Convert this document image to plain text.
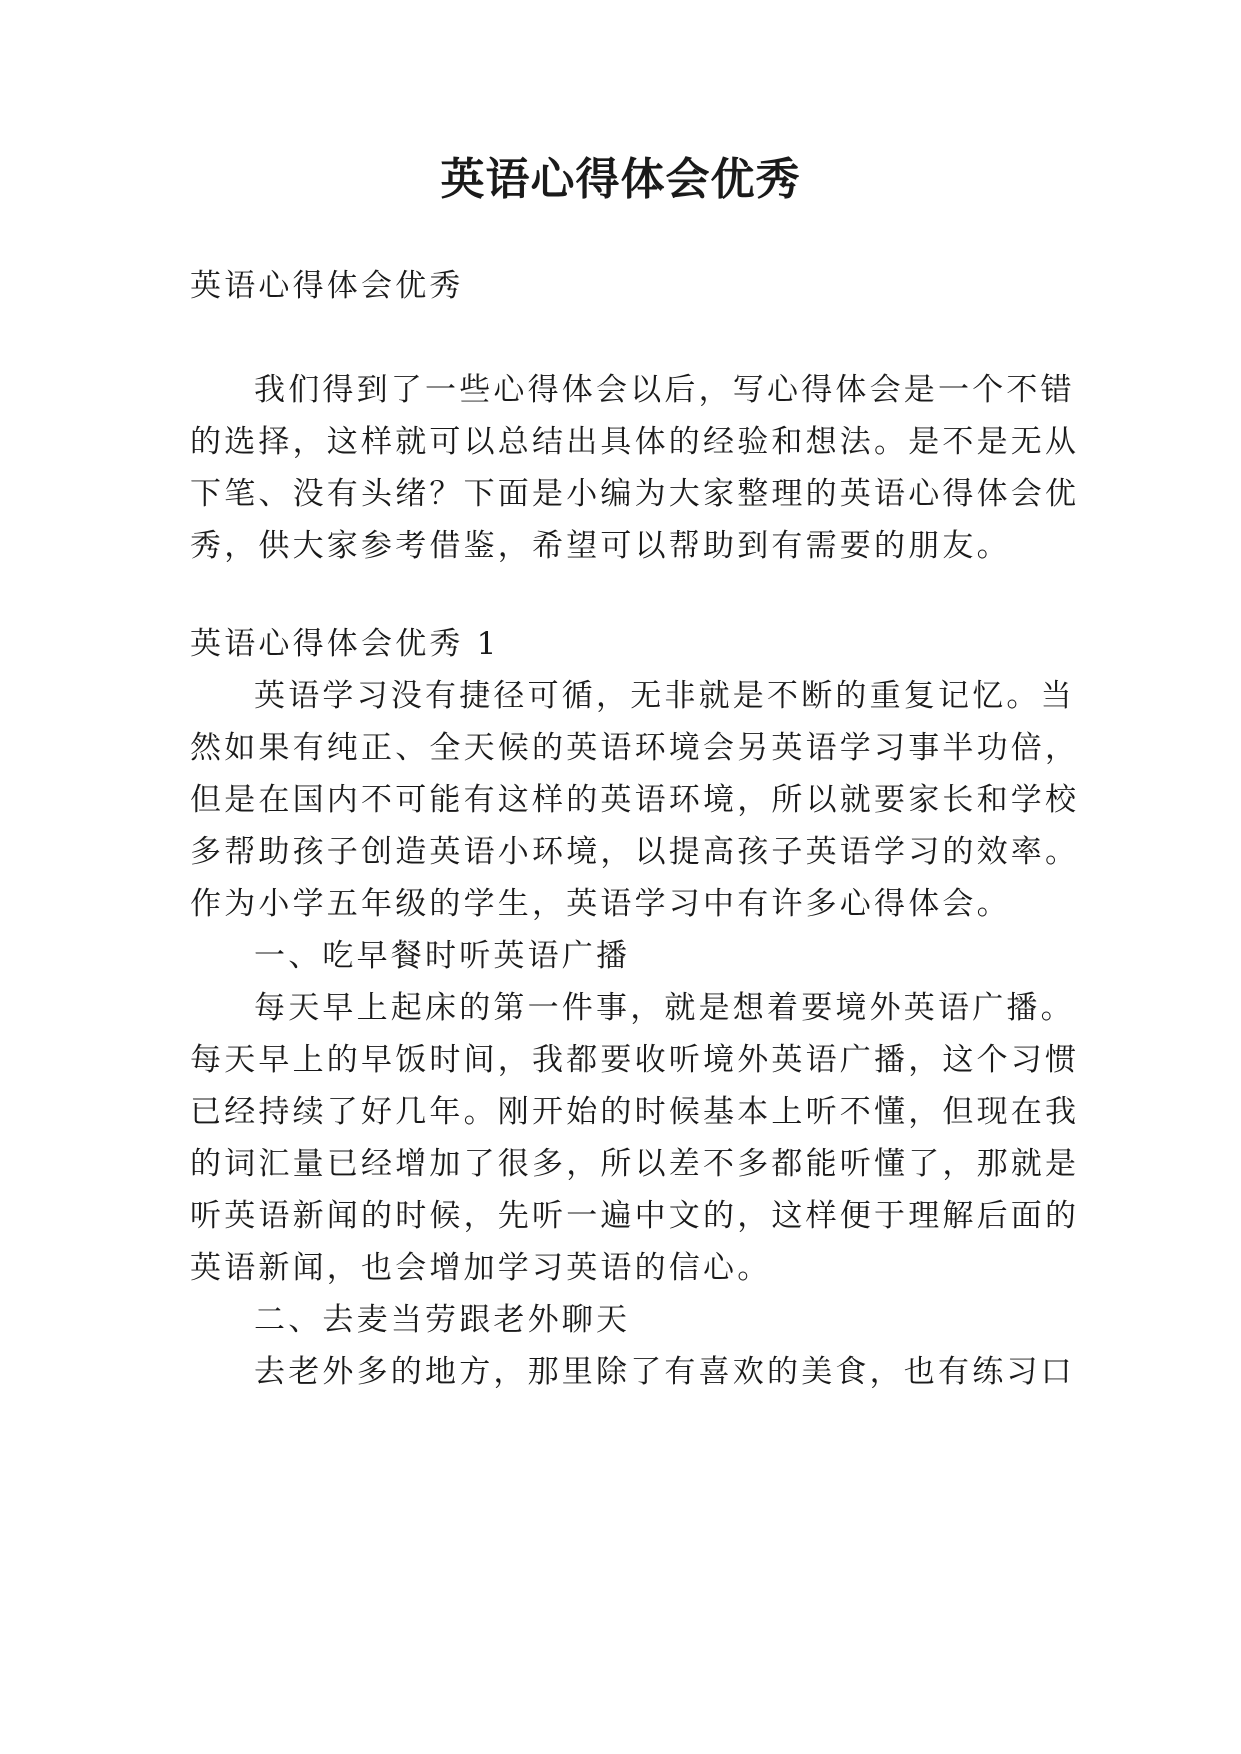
英语心得体会优秀
英语心得体会优秀
我们得到了一些心得体会以后，写心得体会是一个不错
的选择，这样就可以总结出具体的经验和想法。是不是无从
下笔、没有头绪？下面是小编为大家整理的英语心得体会优
秀，供大家参考借鉴，希望可以帮助到有需要的朋友。
英语心得体会优秀 1
英语学习没有捷径可循，无非就是不断的重复记忆。当
然如果有纯正、全天候的英语环境会另英语学习事半功倍，
但是在国内不可能有这样的英语环境，所以就要家长和学校
多帮助孩子创造英语小环境，以提高孩子英语学习的效率。
作为小学五年级的学生，英语学习中有许多心得体会。
一、吃早餐时听英语广播
每天早上起床的第一件事，就是想着要境外英语广播。
每天早上的早饭时间，我都要收听境外英语广播，这个习惯
已经持续了好几年。刚开始的时候基本上听不懂，但现在我
的词汇量已经增加了很多，所以差不多都能听懂了，那就是
听英语新闻的时候，先听一遍中文的，这样便于理解后面的
英语新闻，也会增加学习英语的信心。
二、去麦当劳跟老外聊天
去老外多的地方，那里除了有喜欢的美食，也有练习口
